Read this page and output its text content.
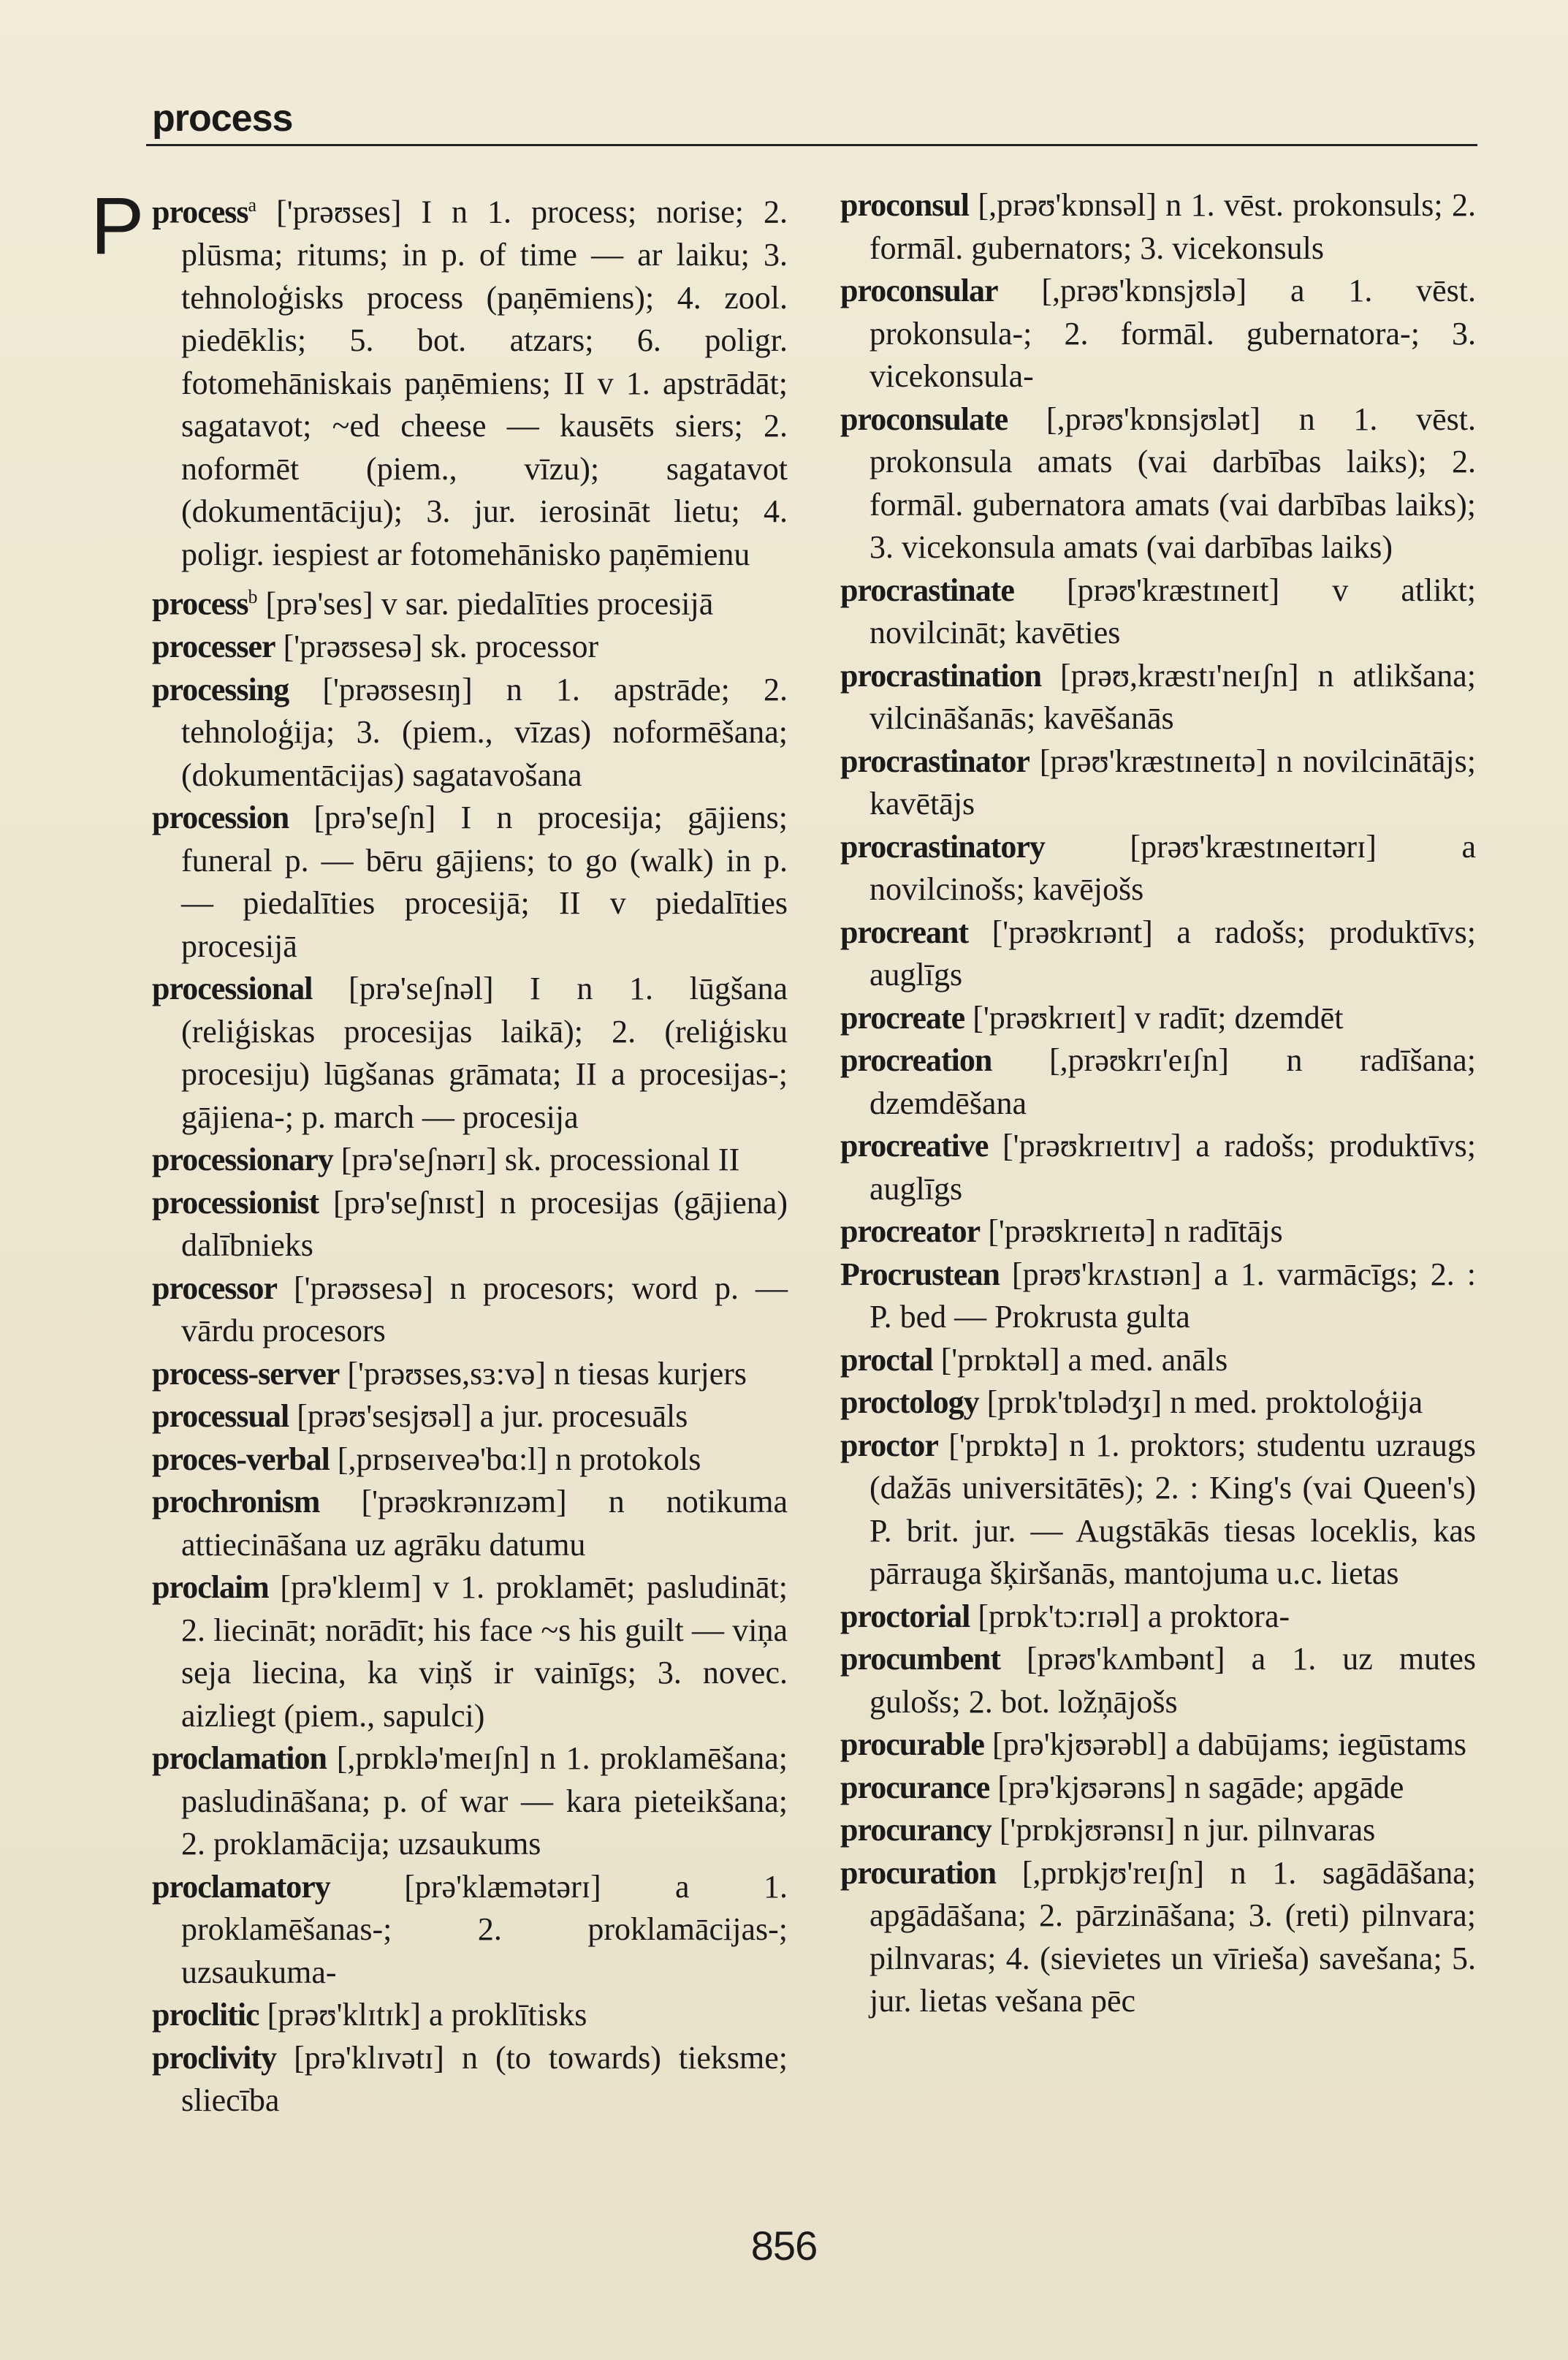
process
P process$^a$ ['prəʊses] I n 1. process; norise; 2. plūsma; ritums; in p. of time — ar laiku; 3. tehnoloģisks process (paņēmiens); 4. zool. piedēklis; 5. bot. atzars; 6. poligr. fotomehāniskais paņēmiens; II v 1. apstrādāt; sagatavot; ~ed cheese — kausēts siers; 2. noformēt (piem., vīzu); sagatavot (dokumentāciju); 3. jur. ierosināt lietu; 4. poligr. iespiest ar fotomehānisko paņēmienu

process$^b$ [prə'ses] v sar. piedalīties procesijā

processer ['prəʊsesə] sk. processor

processing ['prəʊsesɪŋ] n 1. apstrāde; 2. tehnoloģija; 3. (piem., vīzas) noformēšana; (dokumentācijas) sagatavošana

procession [prə'seʃn] I n procesija; gājiens; funeral p. — bēru gājiens; to go (walk) in p. — piedalīties procesijā; II v piedalīties procesijā

processional [prə'seʃnəl] I n 1. lūgšana (reliģiskas procesijas laikā); 2. (reliģisku procesiju) lūgšanas grāmata; II a procesijas-; gājiena-; p. march — procesija

processionary [prə'seʃnərɪ] sk. processional II

processionist [prə'seʃnɪst] n procesijas (gājiena) dalībnieks

processor ['prəʊsesə] n procesors; word p. — vārdu procesors

process-server ['prəʊses,sɜ:və] n tiesas kurjers

processual [prəʊ'sesjʊəl] a jur. procesuāls

proces-verbal [,prɒseɪveə'bɑ:l] n protokols

prochronism ['prəʊkrənɪzəm] n notikuma attiecināšana uz agrāku datumu

proclaim [prə'kleɪm] v 1. proklamēt; pasludināt; 2. liecināt; norādīt; his face ~s his guilt — viņa seja liecina, ka viņš ir vainīgs; 3. novec. aizliegt (piem., sapulci)

proclamation [,prɒklə'meɪʃn] n 1. proklamēšana; pasludināšana; p. of war — kara pieteikšana; 2. proklamācija; uzsaukums

proclamatory [prə'klæmətərɪ] a 1. proklamēšanas-; 2. proklamācijas-; uzsaukuma-

proclitic [prəʊ'klɪtɪk] a proklītisks

proclivity [prə'klɪvətɪ] n (to towards) tieksme; sliecība

proconsul [,prəʊ'kɒnsəl] n 1. vēst. prokonsuls; 2. formāl. gubernators; 3. vicekonsuls

proconsular [,prəʊ'kɒnsjʊlə] a 1. vēst. prokonsula-; 2. formāl. gubernatora-; 3. vicekonsula-

proconsulate [,prəʊ'kɒnsjʊlət] n 1. vēst. prokonsula amats (vai darbības laiks); 2. formāl. gubernatora amats (vai darbības laiks); 3. vicekonsula amats (vai darbības laiks)

procrastinate [prəʊ'kræstɪneɪt] v atlikt; novilcināt; kavēties

procrastination [prəʊ,kræstɪ'neɪʃn] n atlikšana; vilcināšanās; kavēšanās

procrastinator [prəʊ'kræstɪneɪtə] n novilcinātājs; kavētājs

procrastinatory [prəʊ'kræstɪneɪtərɪ] a novilcinošs; kavējošs

procreant ['prəʊkrɪənt] a radošs; produktīvs; auglīgs

procreate ['prəʊkrɪeɪt] v radīt; dzemdēt

procreation [,prəʊkrɪ'eɪʃn] n radīšana; dzemdēšana

procreative ['prəʊkrɪeɪtɪv] a radošs; produktīvs; auglīgs

procreator ['prəʊkrɪeɪtə] n radītājs

Procrustean [prəʊ'krʌstɪən] a 1. varmācīgs; 2. : P. bed — Prokrusta gulta

proctal ['prɒktəl] a med. anāls

proctology [prɒk'tɒlədʒɪ] n med. proktoloģija

proctor ['prɒktə] n 1. proktors; studentu uzraugs (dažās universitātēs); 2. : King's (vai Queen's) P. brit. jur. — Augstākās tiesas loceklis, kas pārrauga šķiršanās, mantojuma u.c. lietas

proctorial [prɒk'tɔ:rɪəl] a proktora-

procumbent [prəʊ'kʌmbənt] a 1. uz mutes gulošs; 2. bot. ložņājošs

procurable [prə'kjʊərəbl] a dabūjams; iegūstams

procurance [prə'kjʊərəns] n sagāde; apgāde

procurancy ['prɒkjʊrənsɪ] n jur. pilnvaras

procuration [,prɒkjʊ'reɪʃn] n 1. sagādāšana; apgādāšana; 2. pārzināšana; 3. (reti) pilnvara; pilnvaras; 4. (sievietes un vīrieša) savešana; 5. jur. lietas vešana pēc

856
